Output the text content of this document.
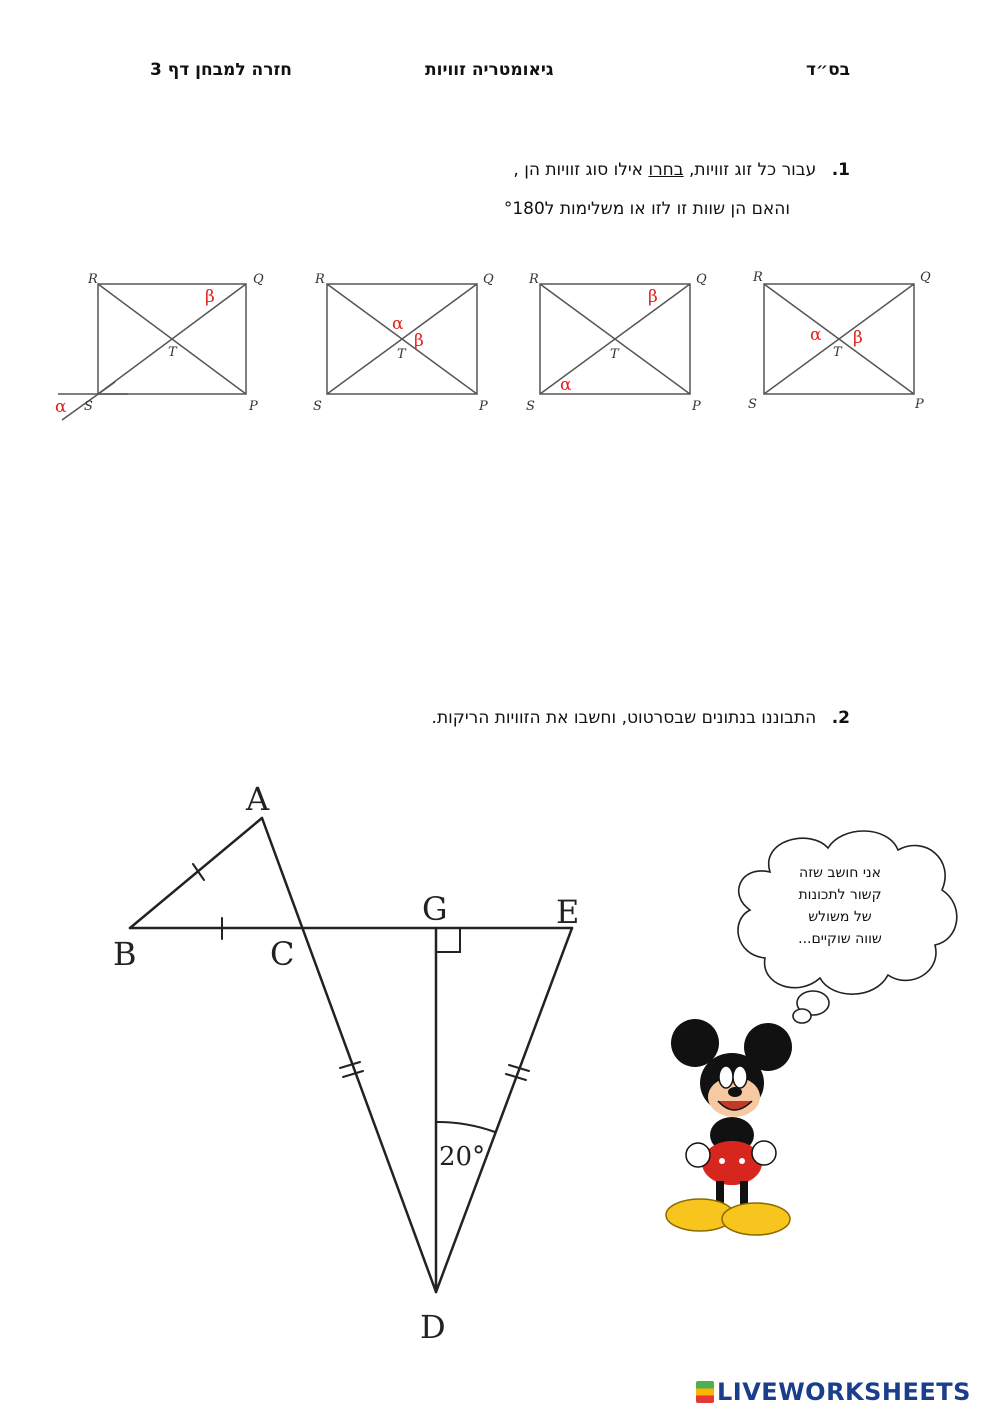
בס״ד
גיאומטריה זוויות
חזרה למבחן דף 3
1. עבור כל זוג זוויות, בחרו אילו סוג זוויות הן ,
והאם הן שוות זו לזו או משלימות ל°180
R	Q
S	P
T
R	Q
S	P
T
R	Q
S	P
T
R	Q
S	P
T
β
α
α
β
β
α
α β
2. התבוננו בנתונים שבסרטוט, וחשבו את הזוויות הריקות.
A
B	C
G	E
D
20°
אני חושב שזה
קשור לתכונות
של משולש
שווה שוקיים...
LIVEWORKSHEETS
